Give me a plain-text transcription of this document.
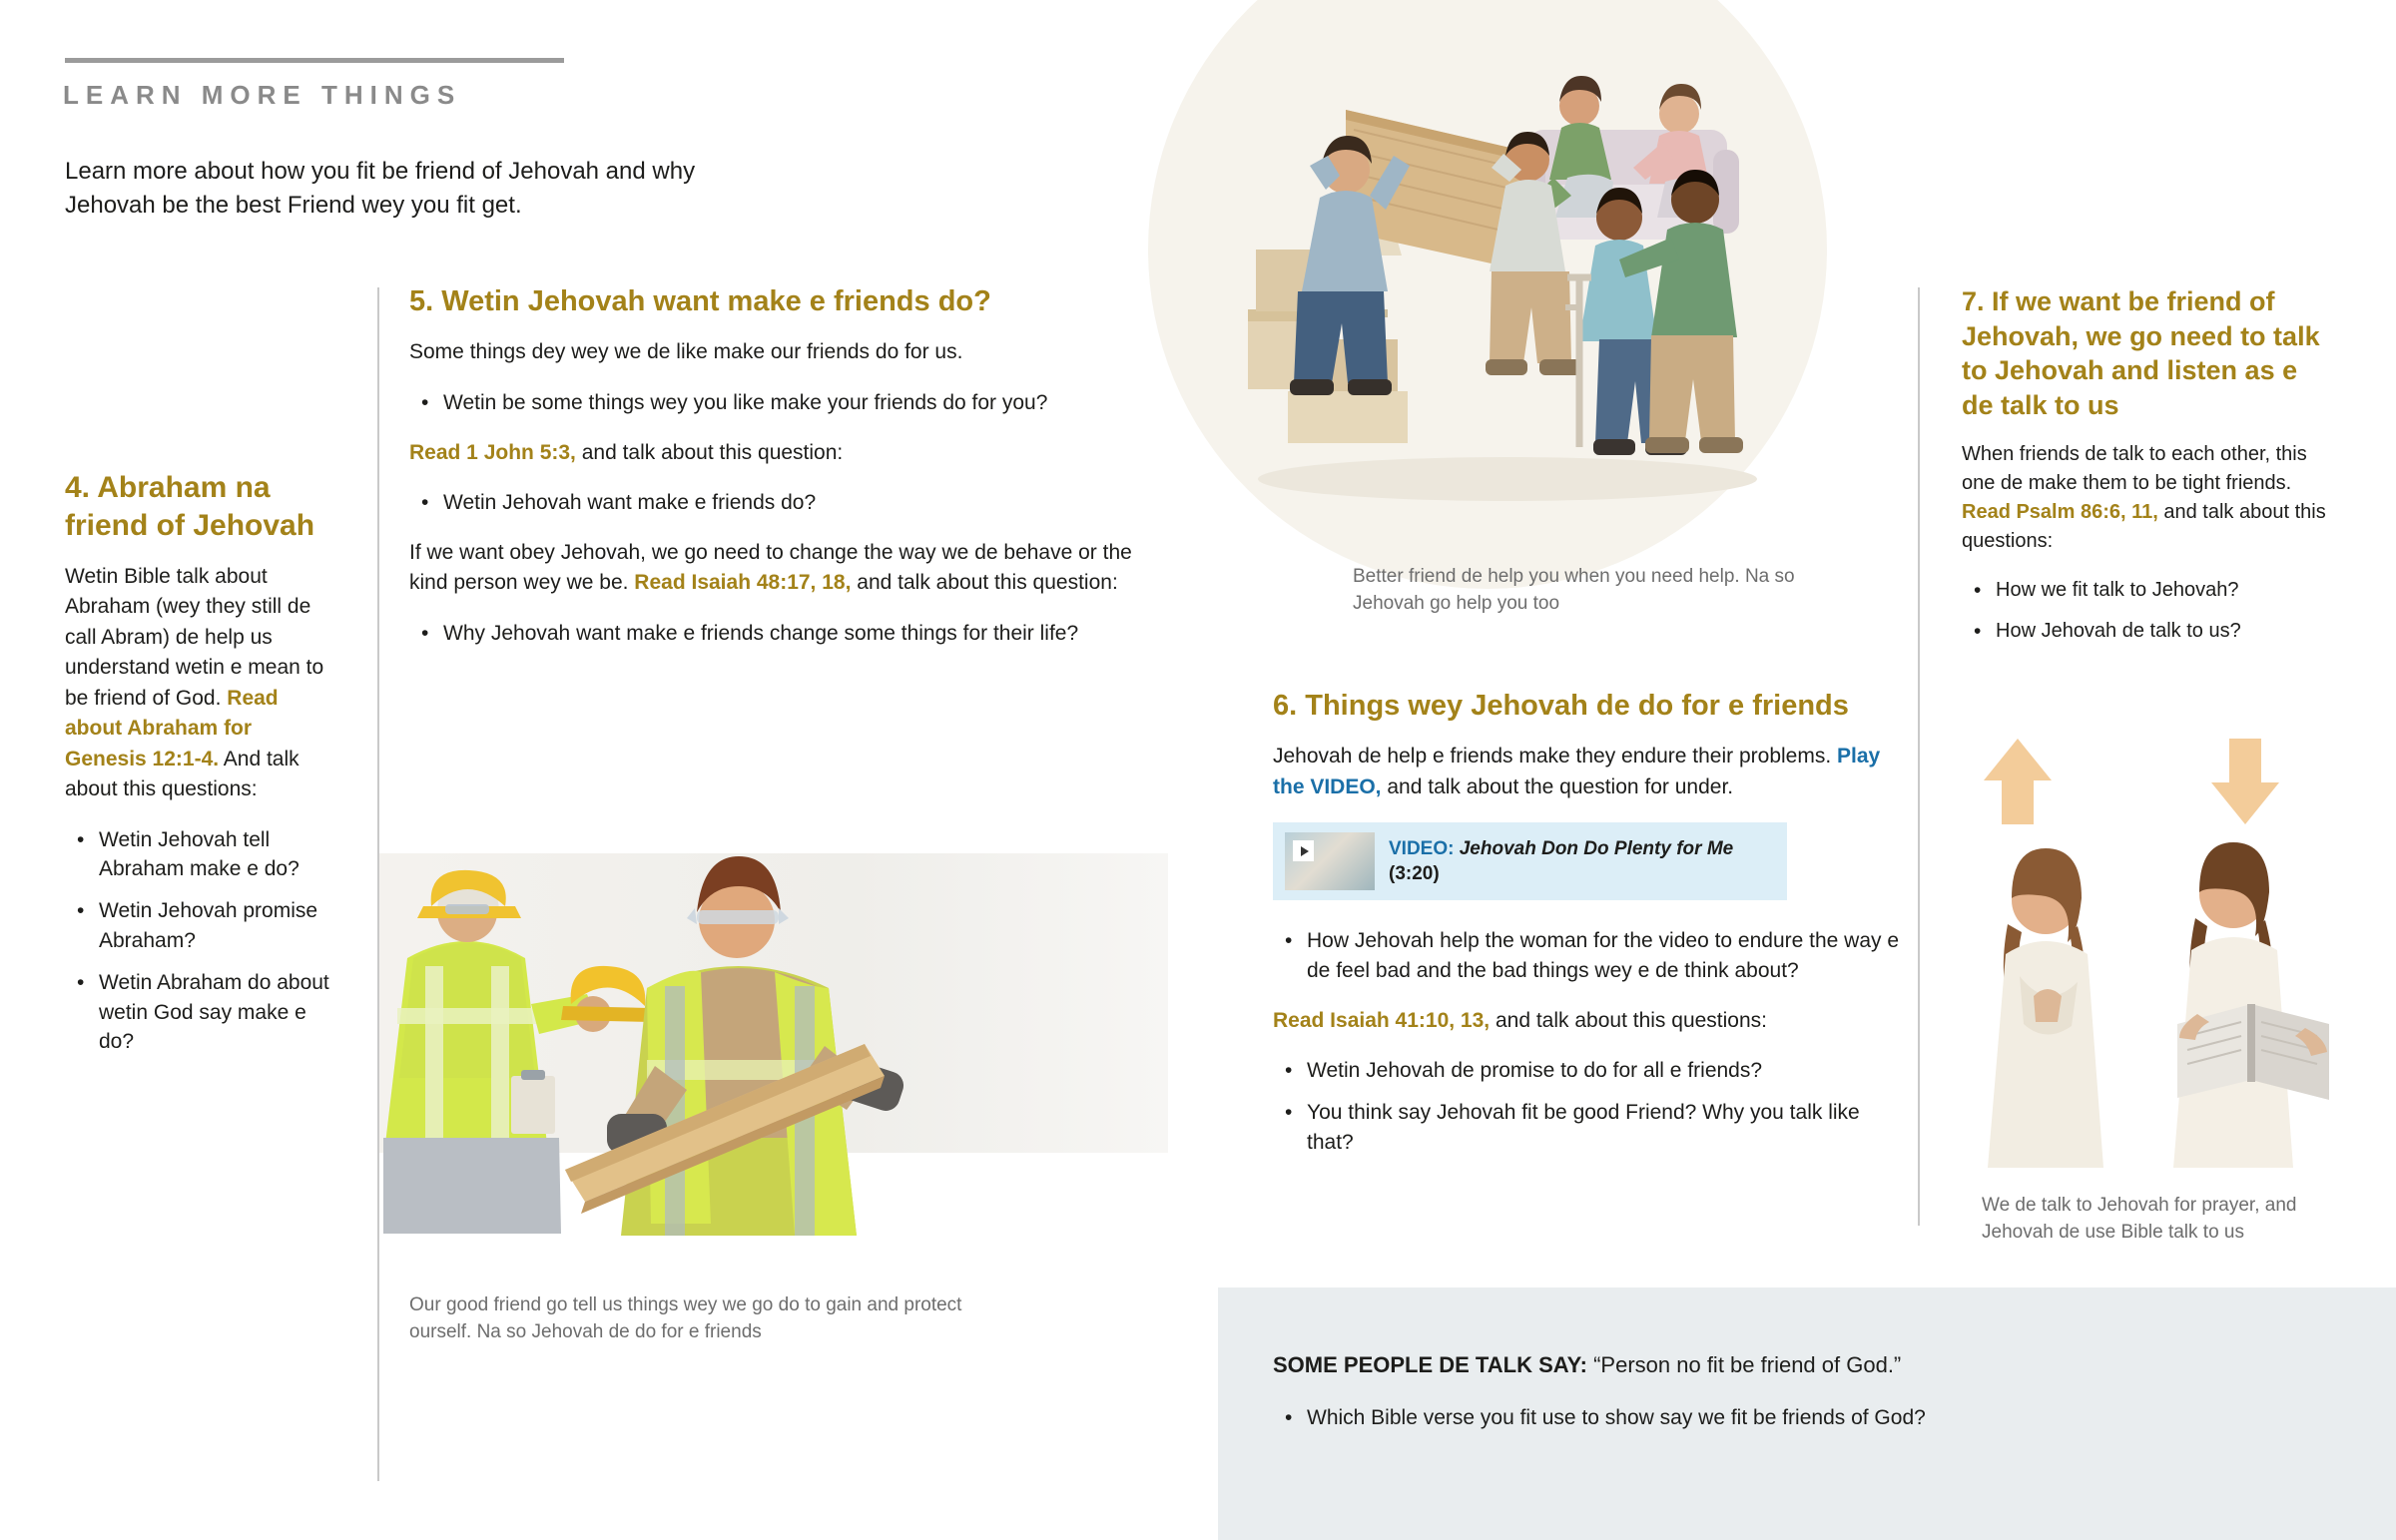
LEARN MORE THINGS
Learn more about how you fit be friend of Jehovah and why Jehovah be the best Friend wey you fit get.
4. Abraham na friend of Jehovah

Wetin Bible talk about Abraham (wey they still de call Abram) de help us understand wetin e mean to be friend of God. Read about Abraham for Genesis 12:1-4. And talk about this questions:

• Wetin Jehovah tell Abraham make e do?
• Wetin Jehovah promise Abraham?
• Wetin Abraham do about wetin God say make e do?
5. Wetin Jehovah want make e friends do?

Some things dey wey we de like make our friends do for us.

• Wetin be some things wey you like make your friends do for you?

Read 1 John 5:3, and talk about this question:

• Wetin Jehovah want make e friends do?

If we want obey Jehovah, we go need to change the way we de behave or the kind person wey we be. Read Isaiah 48:17, 18, and talk about this question:

• Why Jehovah want make e friends change some things for their life?
6. Things wey Jehovah de do for e friends

Jehovah de help e friends make they endure their problems. Play the VIDEO, and talk about the question for under.

VIDEO: Jehovah Don Do Plenty for Me (3:20)
• How Jehovah help the woman for the video to endure the way e de feel bad and the bad things wey e de think about?

Read Isaiah 41:10, 13, and talk about this questions:

• Wetin Jehovah de promise to do for all e friends?
• You think say Jehovah fit be good Friend? Why you talk like that?
7. If we want be friend of Jehovah, we go need to talk to Jehovah and listen as e de talk to us

When friends de talk to each other, this one de make them to be tight friends. Read Psalm 86:6, 11, and talk about this questions:

• How we fit talk to Jehovah?
• How Jehovah de talk to us?
Better friend de help you when you need help. Na so Jehovah go help you too
Our good friend go tell us things wey we go do to gain and protect ourself. Na so Jehovah de do for e friends
We de talk to Jehovah for prayer, and Jehovah de use Bible talk to us

SOME PEOPLE DE TALK SAY: “Person no fit be friend of God.”

• Which Bible verse you fit use to show say we fit be friends of God?
